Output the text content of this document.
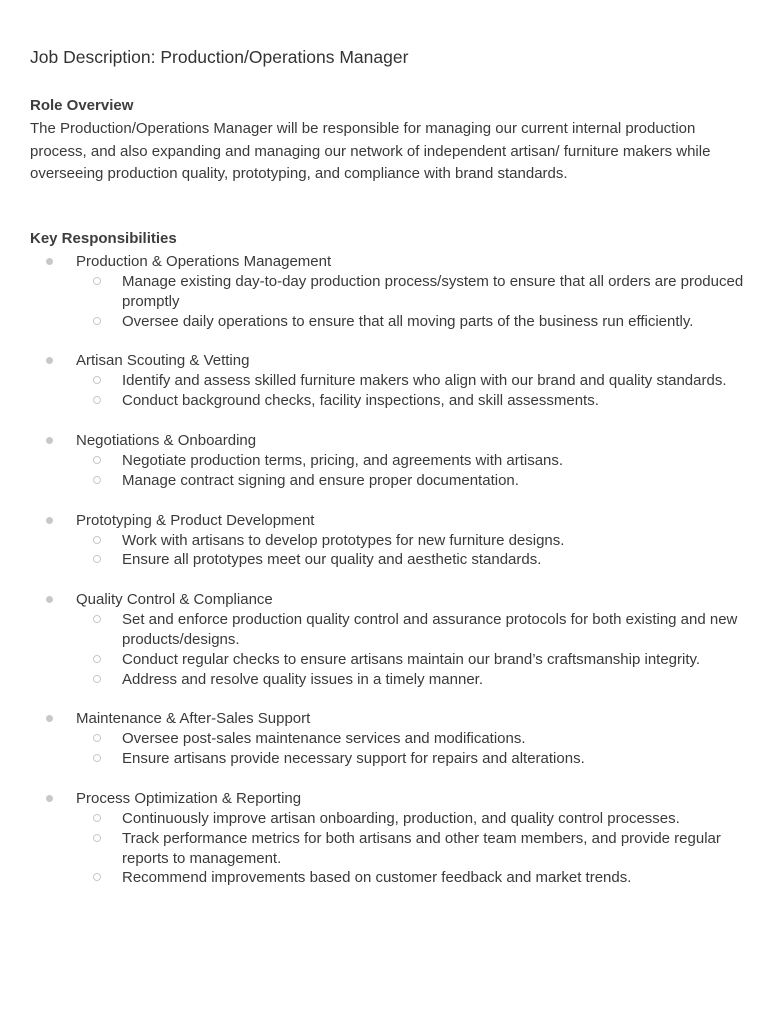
Job Description: Production/Operations Manager
Role Overview

The Production/Operations Manager will be responsible for managing our current internal production process, and also expanding and managing our network of independent artisan/ furniture makers while overseeing production quality, prototyping, and compliance with brand standards.

Key Responsibilities
Production & Operations Management
Manage existing day-to-day production process/system to ensure that all orders are produced promptly
Oversee daily operations to ensure that all moving parts of the business run efficiently.
Artisan Scouting & Vetting
Identify and assess skilled furniture makers who align with our brand and quality standards.
Conduct background checks, facility inspections, and skill assessments.
Negotiations & Onboarding
Negotiate production terms, pricing, and agreements with artisans.
Manage contract signing and ensure proper documentation.
Prototyping & Product Development
Work with artisans to develop prototypes for new furniture designs.
Ensure all prototypes meet our quality and aesthetic standards.
Quality Control & Compliance
Set and enforce production quality control and assurance protocols for both existing and new products/designs.
Conduct regular checks to ensure artisans maintain our brand’s craftsmanship integrity.
Address and resolve quality issues in a timely manner.
Maintenance & After-Sales Support
Oversee post-sales maintenance services and modifications.
Ensure artisans provide necessary support for repairs and alterations.
Process Optimization & Reporting
Continuously improve artisan onboarding, production, and quality control processes.
Track performance metrics for both artisans and other team members, and provide regular reports to management.
Recommend improvements based on customer feedback and market trends.
